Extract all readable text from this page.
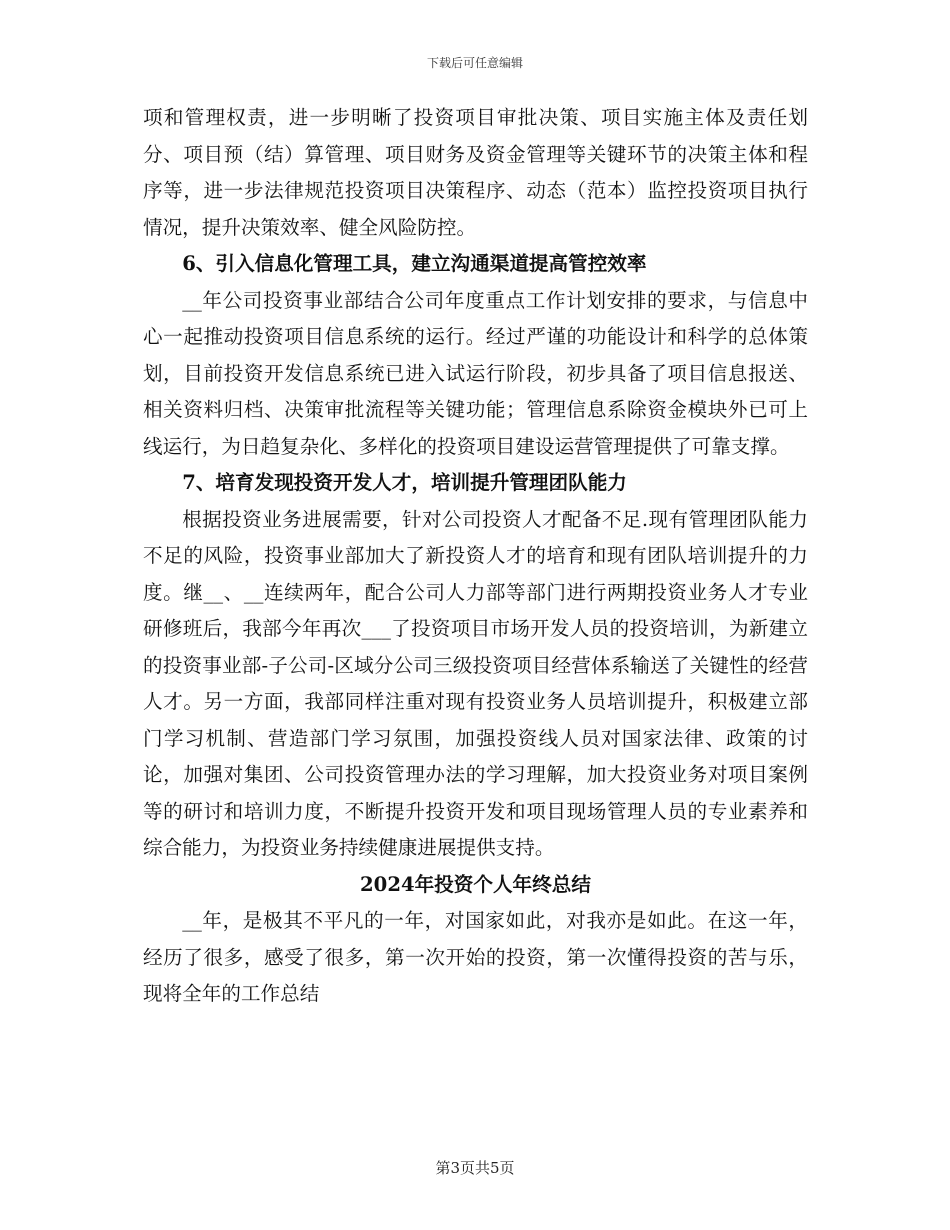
下载后可任意编辑

项和管理权责，进一步明晰了投资项目审批决策、项目实施主体及责任划分、项目预（结）算管理、项目财务及资金管理等关键环节的决策主体和程序等，进一步法律规范投资项目决策程序、动态（范本）监控投资项目执行情况，提升决策效率、健全风险防控。

6、引入信息化管理工具，建立沟通渠道提高管控效率

__年公司投资事业部结合公司年度重点工作计划安排的要求，与信息中心一起推动投资项目信息系统的运行。经过严谨的功能设计和科学的总体策划，目前投资开发信息系统已进入试运行阶段，初步具备了项目信息报送、相关资料归档、决策审批流程等关键功能；管理信息系除资金模块外已可上线运行，为日趋复杂化、多样化的投资项目建设运营管理提供了可靠支撑。

7、培育发现投资开发人才，培训提升管理团队能力

根据投资业务进展需要，针对公司投资人才配备不足.现有管理团队能力不足的风险，投资事业部加大了新投资人才的培育和现有团队培训提升的力度。继__、__连续两年，配合公司人力部等部门进行两期投资业务人才专业研修班后，我部今年再次___了投资项目市场开发人员的投资培训，为新建立的投资事业部-子公司-区域分公司三级投资项目经营体系输送了关键性的经营人才。另一方面，我部同样注重对现有投资业务人员培训提升，积极建立部门学习机制、营造部门学习氛围，加强投资线人员对国家法律、政策的讨论，加强对集团、公司投资管理办法的学习理解，加大投资业务对项目案例等的研讨和培训力度，不断提升投资开发和项目现场管理人员的专业素养和综合能力，为投资业务持续健康进展提供支持。

2024年投资个人年终总结

__年，是极其不平凡的一年，对国家如此，对我亦是如此。在这一年，经历了很多，感受了很多，第一次开始的投资，第一次懂得投资的苦与乐，现将全年的工作总结

第3页共5页
